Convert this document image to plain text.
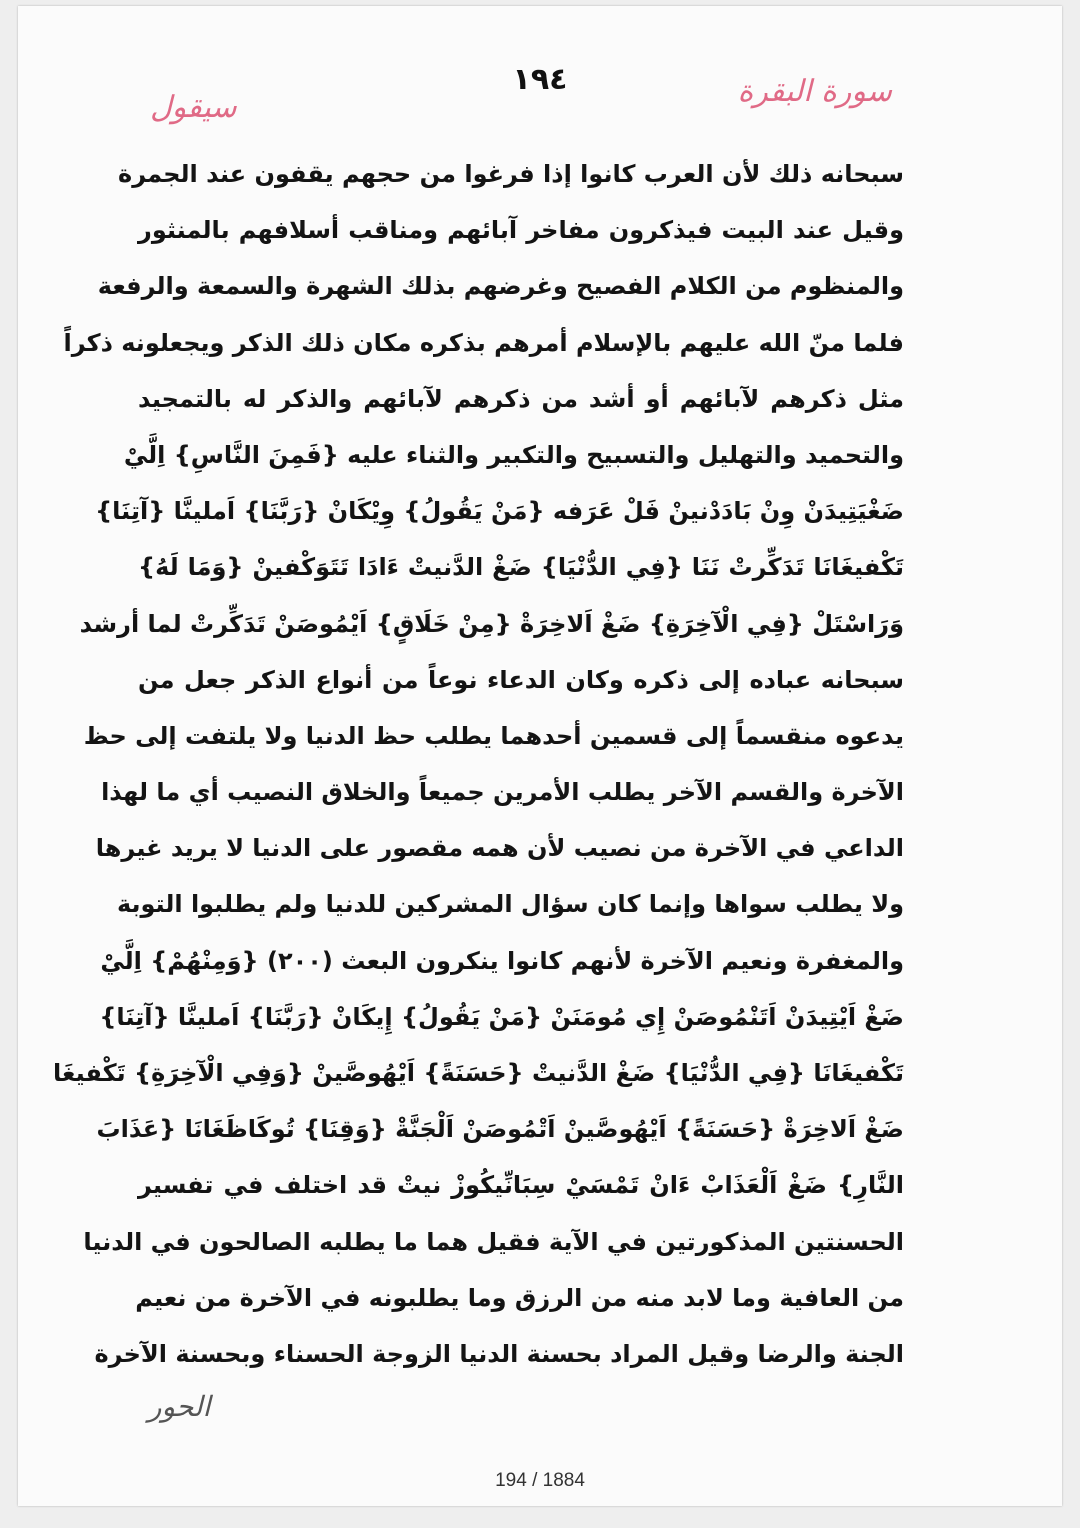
١٩٤	سورة البقرة
سيقول
سبحانه ذلك لأن العرب كانوا إذا فرغوا من حجهم يقفون عند الجمرة
وقيل عند البيت فيذكرون مفاخر آبائهم ومناقب أسلافهم بالمنثور
والمنظوم من الكلام الفصيح وغرضهم بذلك الشهرة والسمعة والرفعة
فلما منّ الله عليهم بالإسلام أمرهم بذكره مكان ذلك الذكر ويجعلونه ذكراً
مثل ذكرهم لآبائهم أو أشد من ذكرهم لآبائهم والذكر له بالتمجيد
والتحميد والتهليل والتسبيح والتكبير والثناء عليه {فَمِنَ النَّاسِ} اِلَّيْ
ضَغْيَتِيدَنْ وِنْ بَادَدْنينْ فَلْ عَرَفه {مَنْ يَقُولُ} وِيْكَانْ {رَبَّنَا} اَملينَّا {آتِنَا}
تَكْفيغَانَا تَدَكِّرتْ نَنَا {فِي الدُّنْيَا} ضَغْ الدَّنيتْ ءَادَا تَتَوَكْفينْ {وَمَا لَهُ}
وَرَاسْتَلْ {فِي الْآخِرَةِ} ضَغْ اَلاخِرَةْ {مِنْ خَلَاقٍ} اَيْمُوصَنْ تَدَكِّرتْ لما أرشد
سبحانه عباده إلى ذكره وكان الدعاء نوعاً من أنواع الذكر جعل من
يدعوه منقسماً إلى قسمين أحدهما يطلب حظ الدنيا ولا يلتفت إلى حظ
الآخرة والقسم الآخر يطلب الأمرين جميعاً والخلاق النصيب أي ما لهذا
الداعي في الآخرة من نصيب لأن همه مقصور على الدنيا لا يريد غيرها
ولا يطلب سواها وإنما كان سؤال المشركين للدنيا ولم يطلبوا التوبة
والمغفرة ونعيم الآخرة لأنهم كانوا ينكرون البعث (٢٠٠) {وَمِنْهُمْ} اِلَّيْ
ضَغْ اَيْتِيدَنْ اَتَنْمُوصَنْ إِي مُومَنَنْ {مَنْ يَقُولُ} إِيكَانْ {رَبَّنَا} اَملينَّا {آتِنَا}
تَكْفيغَانَا {فِي الدُّنْيَا} ضَغْ الدَّنيتْ {حَسَنَةً} اَيْهُوصَّينْ {وَفِي الْآخِرَةِ} تَكْفيغَا
ضَغْ اَلاخِرَةْ {حَسَنَةً} اَيْهُوصَّينْ اَتْمُوصَنْ اَلْجَنَّةْ {وَقِنَا} تُوكَاظَغَانَا {عَذَابَ
النَّارِ} ضَغْ اَلْعَذَابْ ءَانْ تَمْسَيْ سِبَانِّيكُوزْ نيتْ قد اختلف في تفسير
الحسنتين المذكورتين في الآية فقيل هما ما يطلبه الصالحون في الدنيا
من العافية وما لابد منه من الرزق وما يطلبونه في الآخرة من نعيم
الجنة والرضا وقيل المراد بحسنة الدنيا الزوجة الحسناء وبحسنة الآخرة
الحور
194 / 1884
